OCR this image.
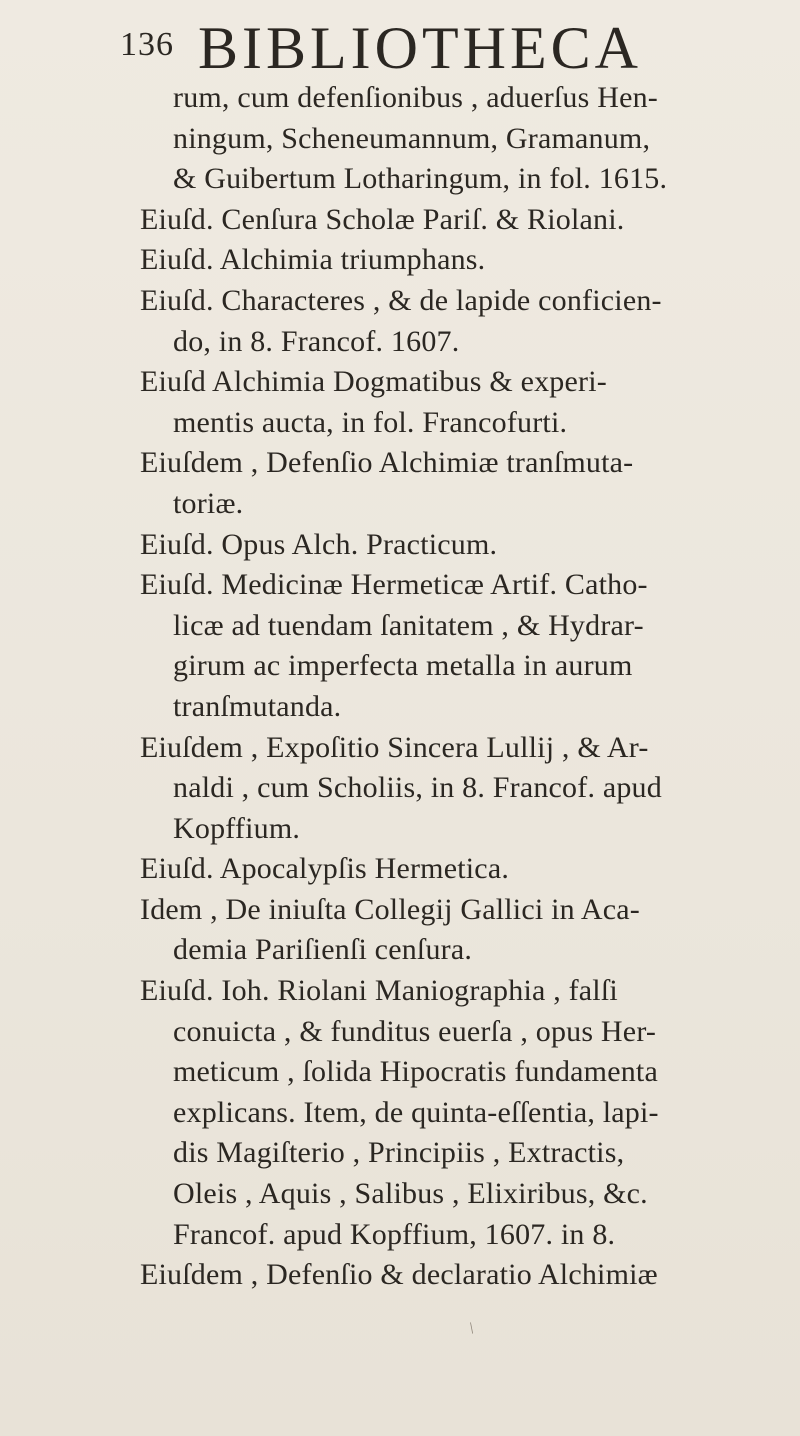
136 BIBLIOTHECA
rum, cum defenſionibus , aduerſus Hen-
ningum, Scheneumannum, Gramanum,
& Guibertum Lotharingum, in fol. 1615.
Eiuſd. Cenſura Scholæ Pariſ. & Riolani.
Eiuſd. Alchimia triumphans.
Eiuſd. Characteres , & de lapide conficien-
do, in 8. Francof. 1607.
Eiuſd Alchimia Dogmatibus & experi-
mentis aucta, in fol. Francofurti.
Eiuſdem , Defenſio Alchimiæ tranſmuta-
toriæ.
Eiuſd. Opus Alch. Practicum.
Eiuſd. Medicinæ Hermeticæ Artif. Catho-
licæ ad tuendam ſanitatem , & Hydrar-
girum ac imperfecta metalla in aurum
tranſmutanda.
Eiuſdem , Expoſitio Sincera Lullij , & Ar-
naldi , cum Scholiis, in 8. Francof. apud
Kopffium.
Eiuſd. Apocalypſis Hermetica.
Idem , De iniuſta Collegij Gallici in Aca-
demia Pariſienſi cenſura.
Eiuſd. Ioh. Riolani Maniographia , falſi
conuicta , & funditus euerſa , opus Her-
meticum , ſolida Hipocratis fundamenta
explicans. Item, de quinta-eſſentia, lapi-
dis Magiſterio , Principiis , Extractis,
Oleis , Aquis , Salibus , Elixiribus, &c.
Francof. apud Kopffium, 1607. in 8.
Eiuſdem , Defenſio & declaratio Alchimiæ
/
